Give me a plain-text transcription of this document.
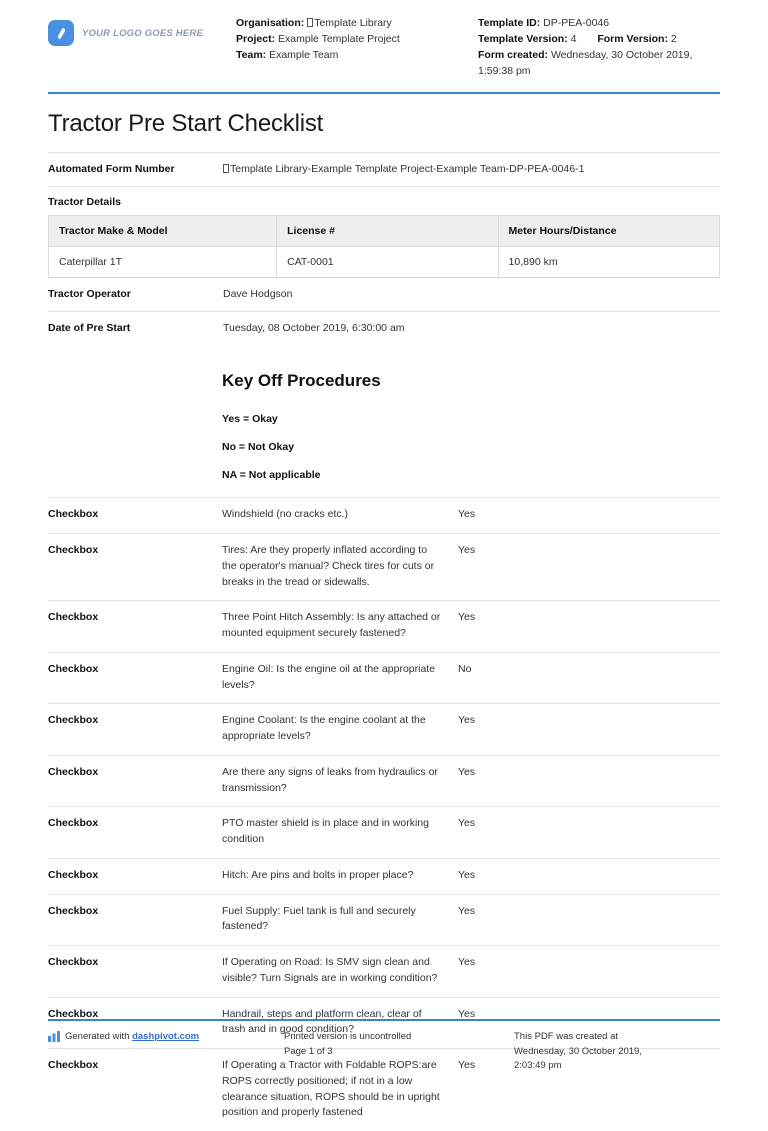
YOUR LOGO GOES HERE
Organisation: Template Library
Project: Example Template Project
Team: Example Team
Template ID: DP-PEA-0046
Template Version: 4 Form Version: 2
Form created: Wednesday, 30 October 2019,
1:59:38 pm
Tractor Pre Start Checklist
Automated Form Number	Template Library-Example Template Project-Example Team-DP-PEA-0046-1
Tractor Details
Tractor Make & Model	License #	Meter Hours/Distance
Caterpillar 1T	CAT-0001	10,890 km
Tractor Operator	Dave Hodgson
Date of Pre Start	Tuesday, 08 October 2019, 6:30:00 am
Key Off Procedures
Yes = Okay
No = Not Okay
NA = Not applicable
Checkbox	Windshield (no cracks etc.)	Yes
Checkbox	Tires: Are they properly inflated according to the operator's manual? Check tires for cuts or breaks in the tread or sidewalls.
Yes
Checkbox	Three Point Hitch Assembly: Is any attached or mounted equipment securely fastened?
Yes
Checkbox	Engine Oil: Is the engine oil at the appropriate levels?
No
Checkbox	Engine Coolant: Is the engine coolant at the appropriate levels?
Yes
Checkbox	Are there any signs of leaks from hydraulics or transmission?
Yes
Checkbox	PTO master shield is in place and in working condition
Yes
Checkbox	Hitch: Are pins and bolts in proper place?	Yes
Checkbox	Fuel Supply: Fuel tank is full and securely fastened?
Yes
Checkbox	If Operating on Road: Is SMV sign clean and visible? Turn Signals are in working condition?
Yes
Checkbox	Handrail, steps and platform clean, clear of trash and in good condition?
Yes
Checkbox	If Operating a Tractor with Foldable ROPS:are ROPS correctly positioned; if not in a low clearance situation, ROPS should be in upright position and properly fastened
Yes
Generated with dashpivot.com	Printed version is uncontrolled
Page 1 of 3
This PDF was created at
Wednesday, 30 October 2019,
2:03:49 pm
